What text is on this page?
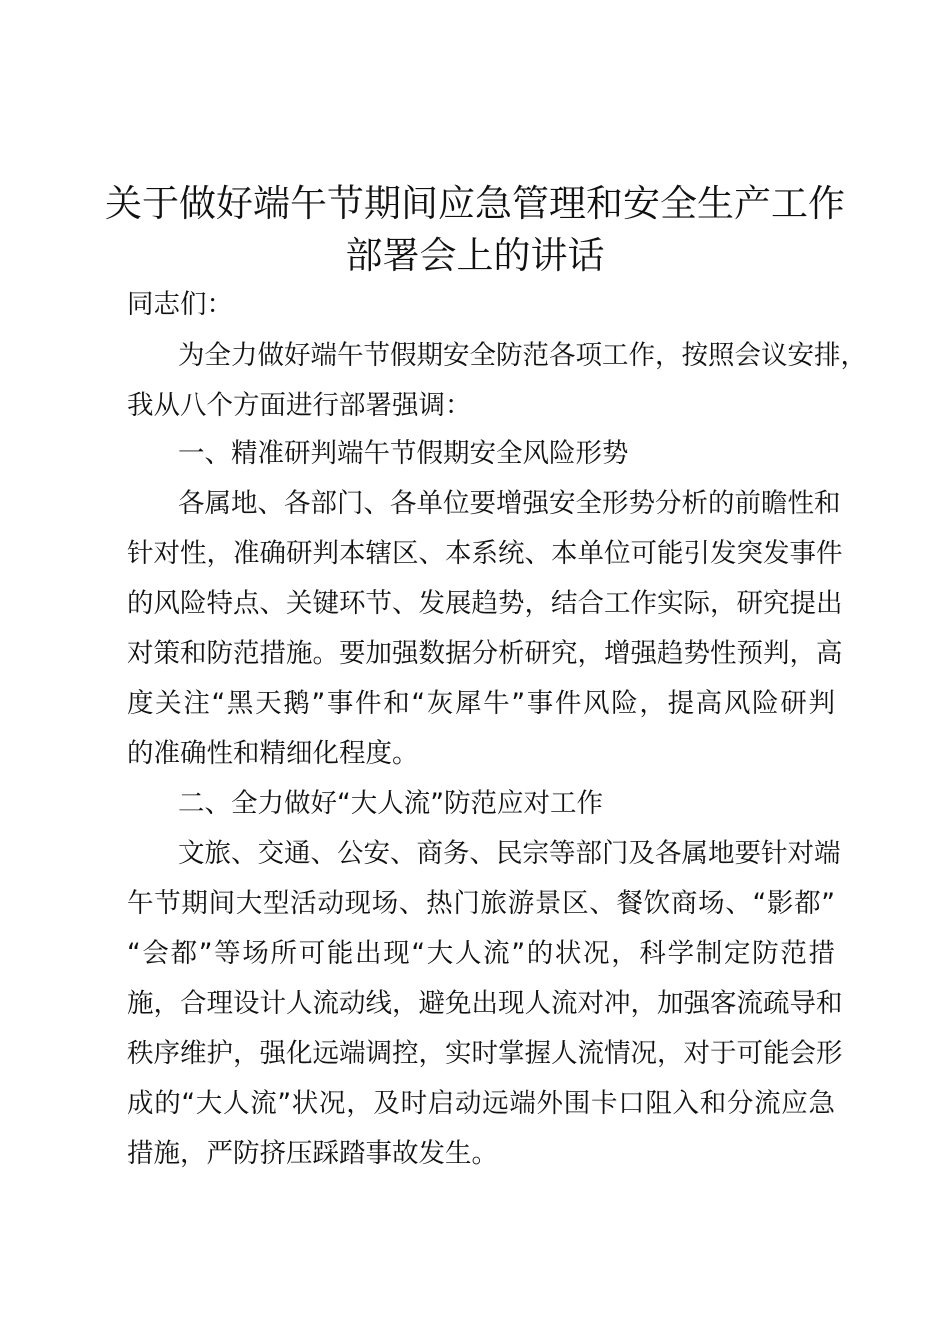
关于做好端午节期间应急管理和安全生产工作
部署会上的讲话
同志们：
为全力做好端午节假期安全防范各项工作，按照会议安排，
我从八个方面进行部署强调：
一、精准研判端午节假期安全风险形势
各属地、各部门、各单位要增强安全形势分析的前瞻性和
针对性，准确研判本辖区、本系统、本单位可能引发突发事件
的风险特点、关键环节、发展趋势，结合工作实际，研究提出
对策和防范措施。要加强数据分析研究，增强趋势性预判，高
度关注“黑天鹅”事件和“灰犀牛”事件风险，提高风险研判
的准确性和精细化程度。
二、全力做好“大人流”防范应对工作
文旅、交通、公安、商务、民宗等部门及各属地要针对端
午节期间大型活动现场、热门旅游景区、餐饮商场、“影都”
“会都”等场所可能出现“大人流”的状况，科学制定防范措
施，合理设计人流动线，避免出现人流对冲，加强客流疏导和
秩序维护，强化远端调控，实时掌握人流情况，对于可能会形
成的“大人流”状况，及时启动远端外围卡口阻入和分流应急
措施，严防挤压踩踏事故发生。
